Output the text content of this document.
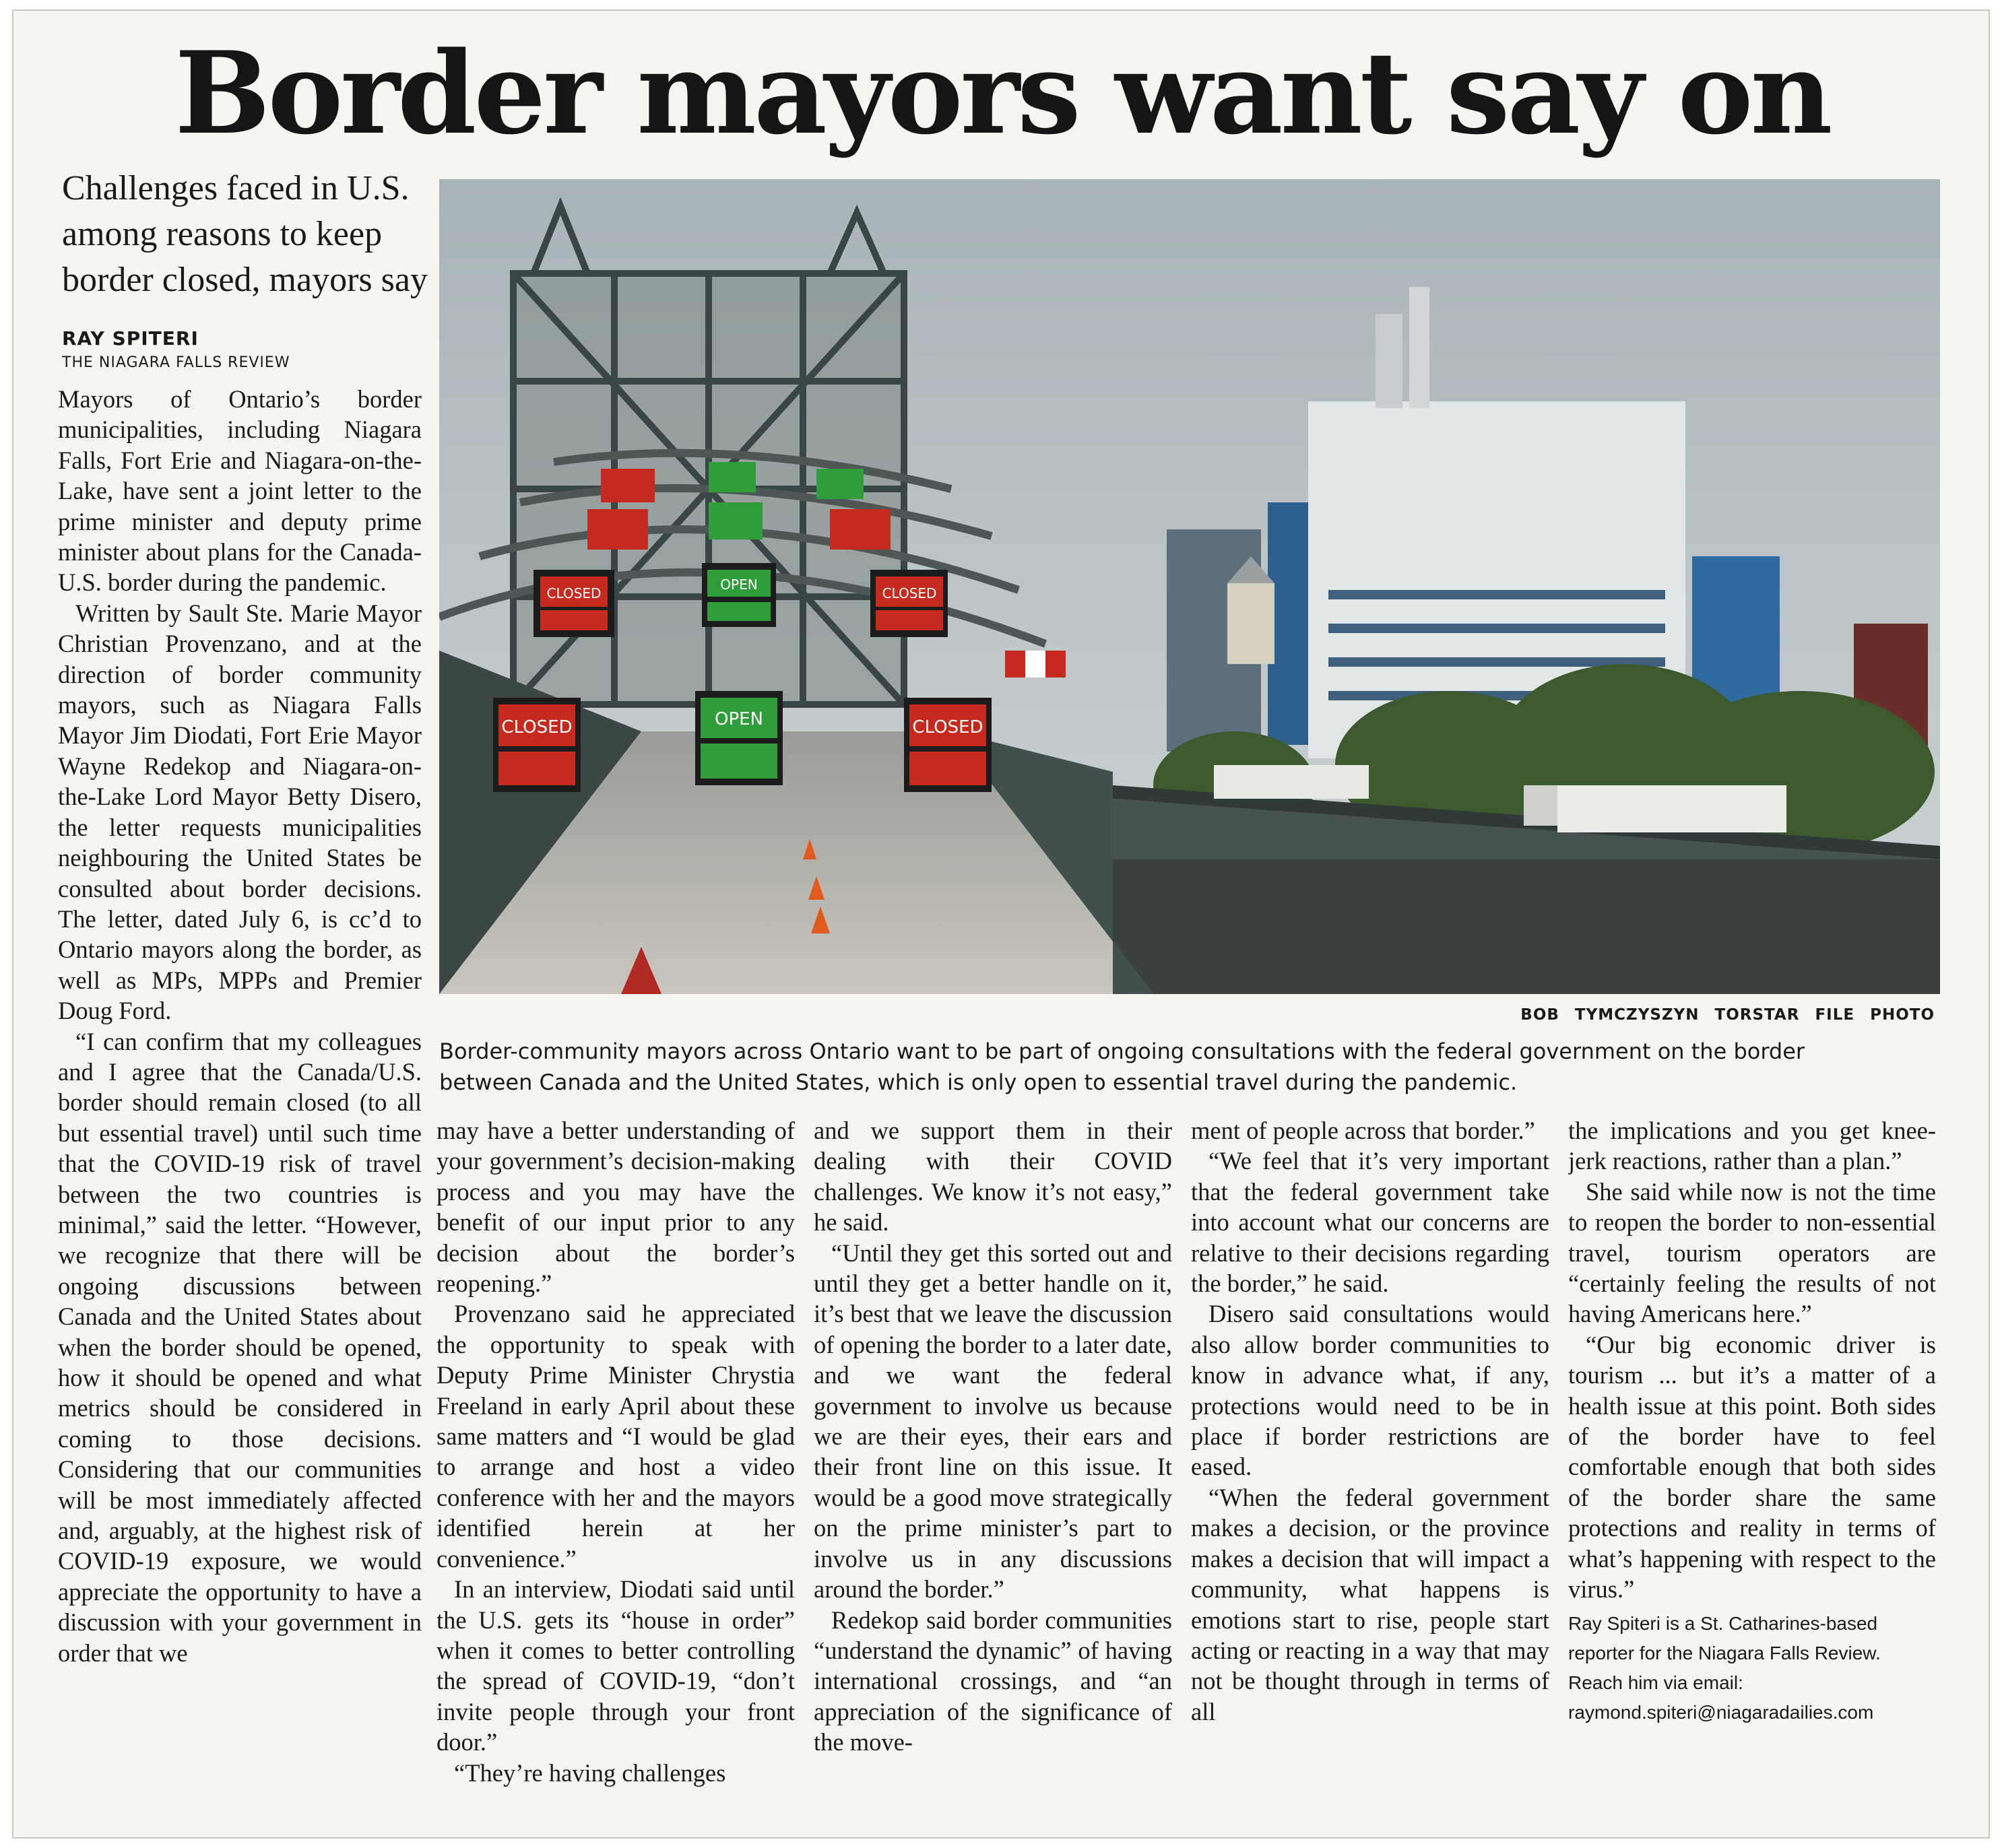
Border mayors want say on
Challenges faced in U.S. among reasons to keep border closed, mayors say
RAY SPITERI
THE NIAGARA FALLS REVIEW
CLOSED
OPEN
CLOSED
CLOSED	OPEN	CLOSED
BOB TYMCZYSZYN TORSTAR FILE PHOTO
Border-community mayors across Ontario want to be part of ongoing consultations with the federal government on the border between Canada and the United States, which is only open to essential travel during the pandemic.

Mayors of Ontario’s border municipalities, including Niagara Falls, Fort Erie and Niagara-on-the-Lake, have sent a joint letter to the prime minister and deputy prime minister about plans for the Canada-U.S. border during the pandemic.

Written by Sault Ste. Marie Mayor Christian Provenzano, and at the direction of border community mayors, such as Niagara Falls Mayor Jim Diodati, Fort Erie Mayor Wayne Redekop and Niagara-on-the-Lake Lord Mayor Betty Disero, the letter requests municipalities neighbouring the United States be consulted about border decisions. The letter, dated July 6, is cc’d to Ontario mayors along the border, as well as MPs, MPPs and Premier Doug Ford.

“I can confirm that my colleagues and I agree that the Canada/U.S. border should remain closed (to all but essential travel) until such time that the COVID-19 risk of travel between the two countries is minimal,” said the letter. “However, we recognize that there will be ongoing discussions between Canada and the United States about when the border should be opened, how it should be opened and what metrics should be considered in coming to those decisions. Considering that our communities will be most immediately affected and, arguably, at the highest risk of COVID-19 exposure, we would appreciate the opportunity to have a discussion with your government in order that we

may have a better understanding of your government’s decision-making process and you may have the benefit of our input prior to any decision about the border’s reopening.”

Provenzano said he appreciated the opportunity to speak with Deputy Prime Minister Chrystia Freeland in early April about these same matters and “I would be glad to arrange and host a video conference with her and the mayors identified herein at her convenience.”

In an interview, Diodati said until the U.S. gets its “house in order” when it comes to better controlling the spread of COVID-19, “don’t invite people through your front door.”

“They’re having challenges

and we support them in their dealing with their COVID challenges. We know it’s not easy,” he said.

“Until they get this sorted out and until they get a better handle on it, it’s best that we leave the discussion of opening the border to a later date, and we want the federal government to involve us because we are their eyes, their ears and their front line on this issue. It would be a good move strategically on the prime minister’s part to involve us in any discussions around the border.”

Redekop said border communities “understand the dynamic” of having international crossings, and “an appreciation of the significance of the move-

ment of people across that border.”

“We feel that it’s very important that the federal government take into account what our concerns are relative to their decisions regarding the border,” he said.

Disero said consultations would also allow border communities to know in advance what, if any, protections would need to be in place if border restrictions are eased.

“When the federal government makes a decision, or the province makes a decision that will impact a community, what happens is emotions start to rise, people start acting or reacting in a way that may not be thought through in terms of all

the implications and you get knee-jerk reactions, rather than a plan.”

She said while now is not the time to reopen the border to non-essential travel, tourism operators are “certainly feeling the results of not having Americans here.”

“Our big economic driver is tourism ... but it’s a matter of a health issue at this point. Both sides of the border have to feel comfortable enough that both sides of the border share the same protections and reality in terms of what’s happening with respect to the virus.”

Ray Spiteri is a St. Catharines-based reporter for the Niagara Falls Review.

Reach him via email:

raymond.spiteri@niagaradailies.com
